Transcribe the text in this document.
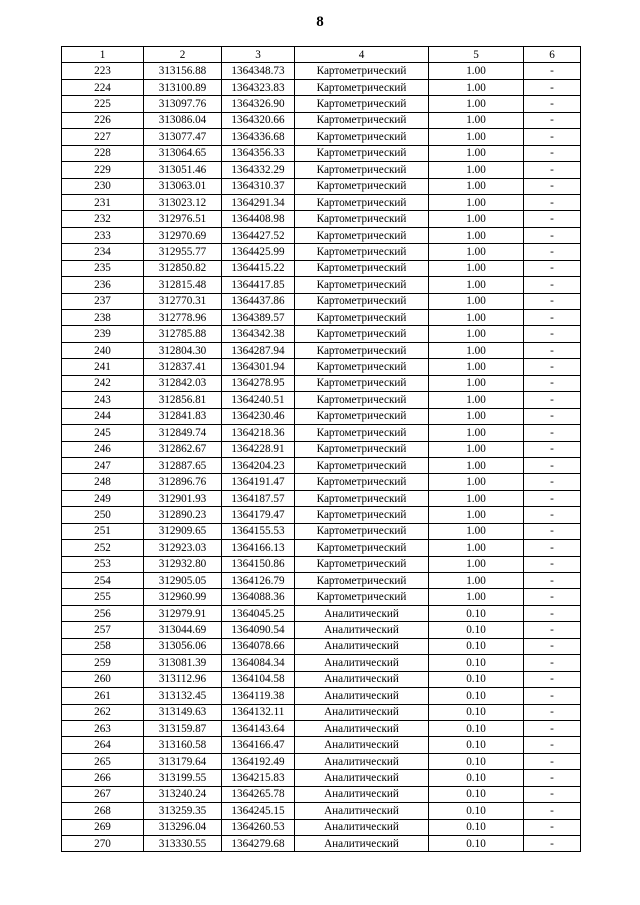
8
1	2	3	4	5	6
223	313156.88	1364348.73	Картометрический	1.00	-
224	313100.89	1364323.83	Картометрический	1.00	-
225	313097.76	1364326.90	Картометрический	1.00	-
226	313086.04	1364320.66	Картометрический	1.00	-
227	313077.47	1364336.68	Картометрический	1.00	-
228	313064.65	1364356.33	Картометрический	1.00	-
229	313051.46	1364332.29	Картометрический	1.00	-
230	313063.01	1364310.37	Картометрический	1.00	-
231	313023.12	1364291.34	Картометрический	1.00	-
232	312976.51	1364408.98	Картометрический	1.00	-
233	312970.69	1364427.52	Картометрический	1.00	-
234	312955.77	1364425.99	Картометрический	1.00	-
235	312850.82	1364415.22	Картометрический	1.00	-
236	312815.48	1364417.85	Картометрический	1.00	-
237	312770.31	1364437.86	Картометрический	1.00	-
238	312778.96	1364389.57	Картометрический	1.00	-
239	312785.88	1364342.38	Картометрический	1.00	-
240	312804.30	1364287.94	Картометрический	1.00	-
241	312837.41	1364301.94	Картометрический	1.00	-
242	312842.03	1364278.95	Картометрический	1.00	-
243	312856.81	1364240.51	Картометрический	1.00	-
244	312841.83	1364230.46	Картометрический	1.00	-
245	312849.74	1364218.36	Картометрический	1.00	-
246	312862.67	1364228.91	Картометрический	1.00	-
247	312887.65	1364204.23	Картометрический	1.00	-
248	312896.76	1364191.47	Картометрический	1.00	-
249	312901.93	1364187.57	Картометрический	1.00	-
250	312890.23	1364179.47	Картометрический	1.00	-
251	312909.65	1364155.53	Картометрический	1.00	-
252	312923.03	1364166.13	Картометрический	1.00	-
253	312932.80	1364150.86	Картометрический	1.00	-
254	312905.05	1364126.79	Картометрический	1.00	-
255	312960.99	1364088.36	Картометрический	1.00	-
256	312979.91	1364045.25	Аналитический	0.10	-
257	313044.69	1364090.54	Аналитический	0.10	-
258	313056.06	1364078.66	Аналитический	0.10	-
259	313081.39	1364084.34	Аналитический	0.10	-
260	313112.96	1364104.58	Аналитический	0.10	-
261	313132.45	1364119.38	Аналитический	0.10	-
262	313149.63	1364132.11	Аналитический	0.10	-
263	313159.87	1364143.64	Аналитический	0.10	-
264	313160.58	1364166.47	Аналитический	0.10	-
265	313179.64	1364192.49	Аналитический	0.10	-
266	313199.55	1364215.83	Аналитический	0.10	-
267	313240.24	1364265.78	Аналитический	0.10	-
268	313259.35	1364245.15	Аналитический	0.10	-
269	313296.04	1364260.53	Аналитический	0.10	-
270	313330.55	1364279.68	Аналитический	0.10	-
